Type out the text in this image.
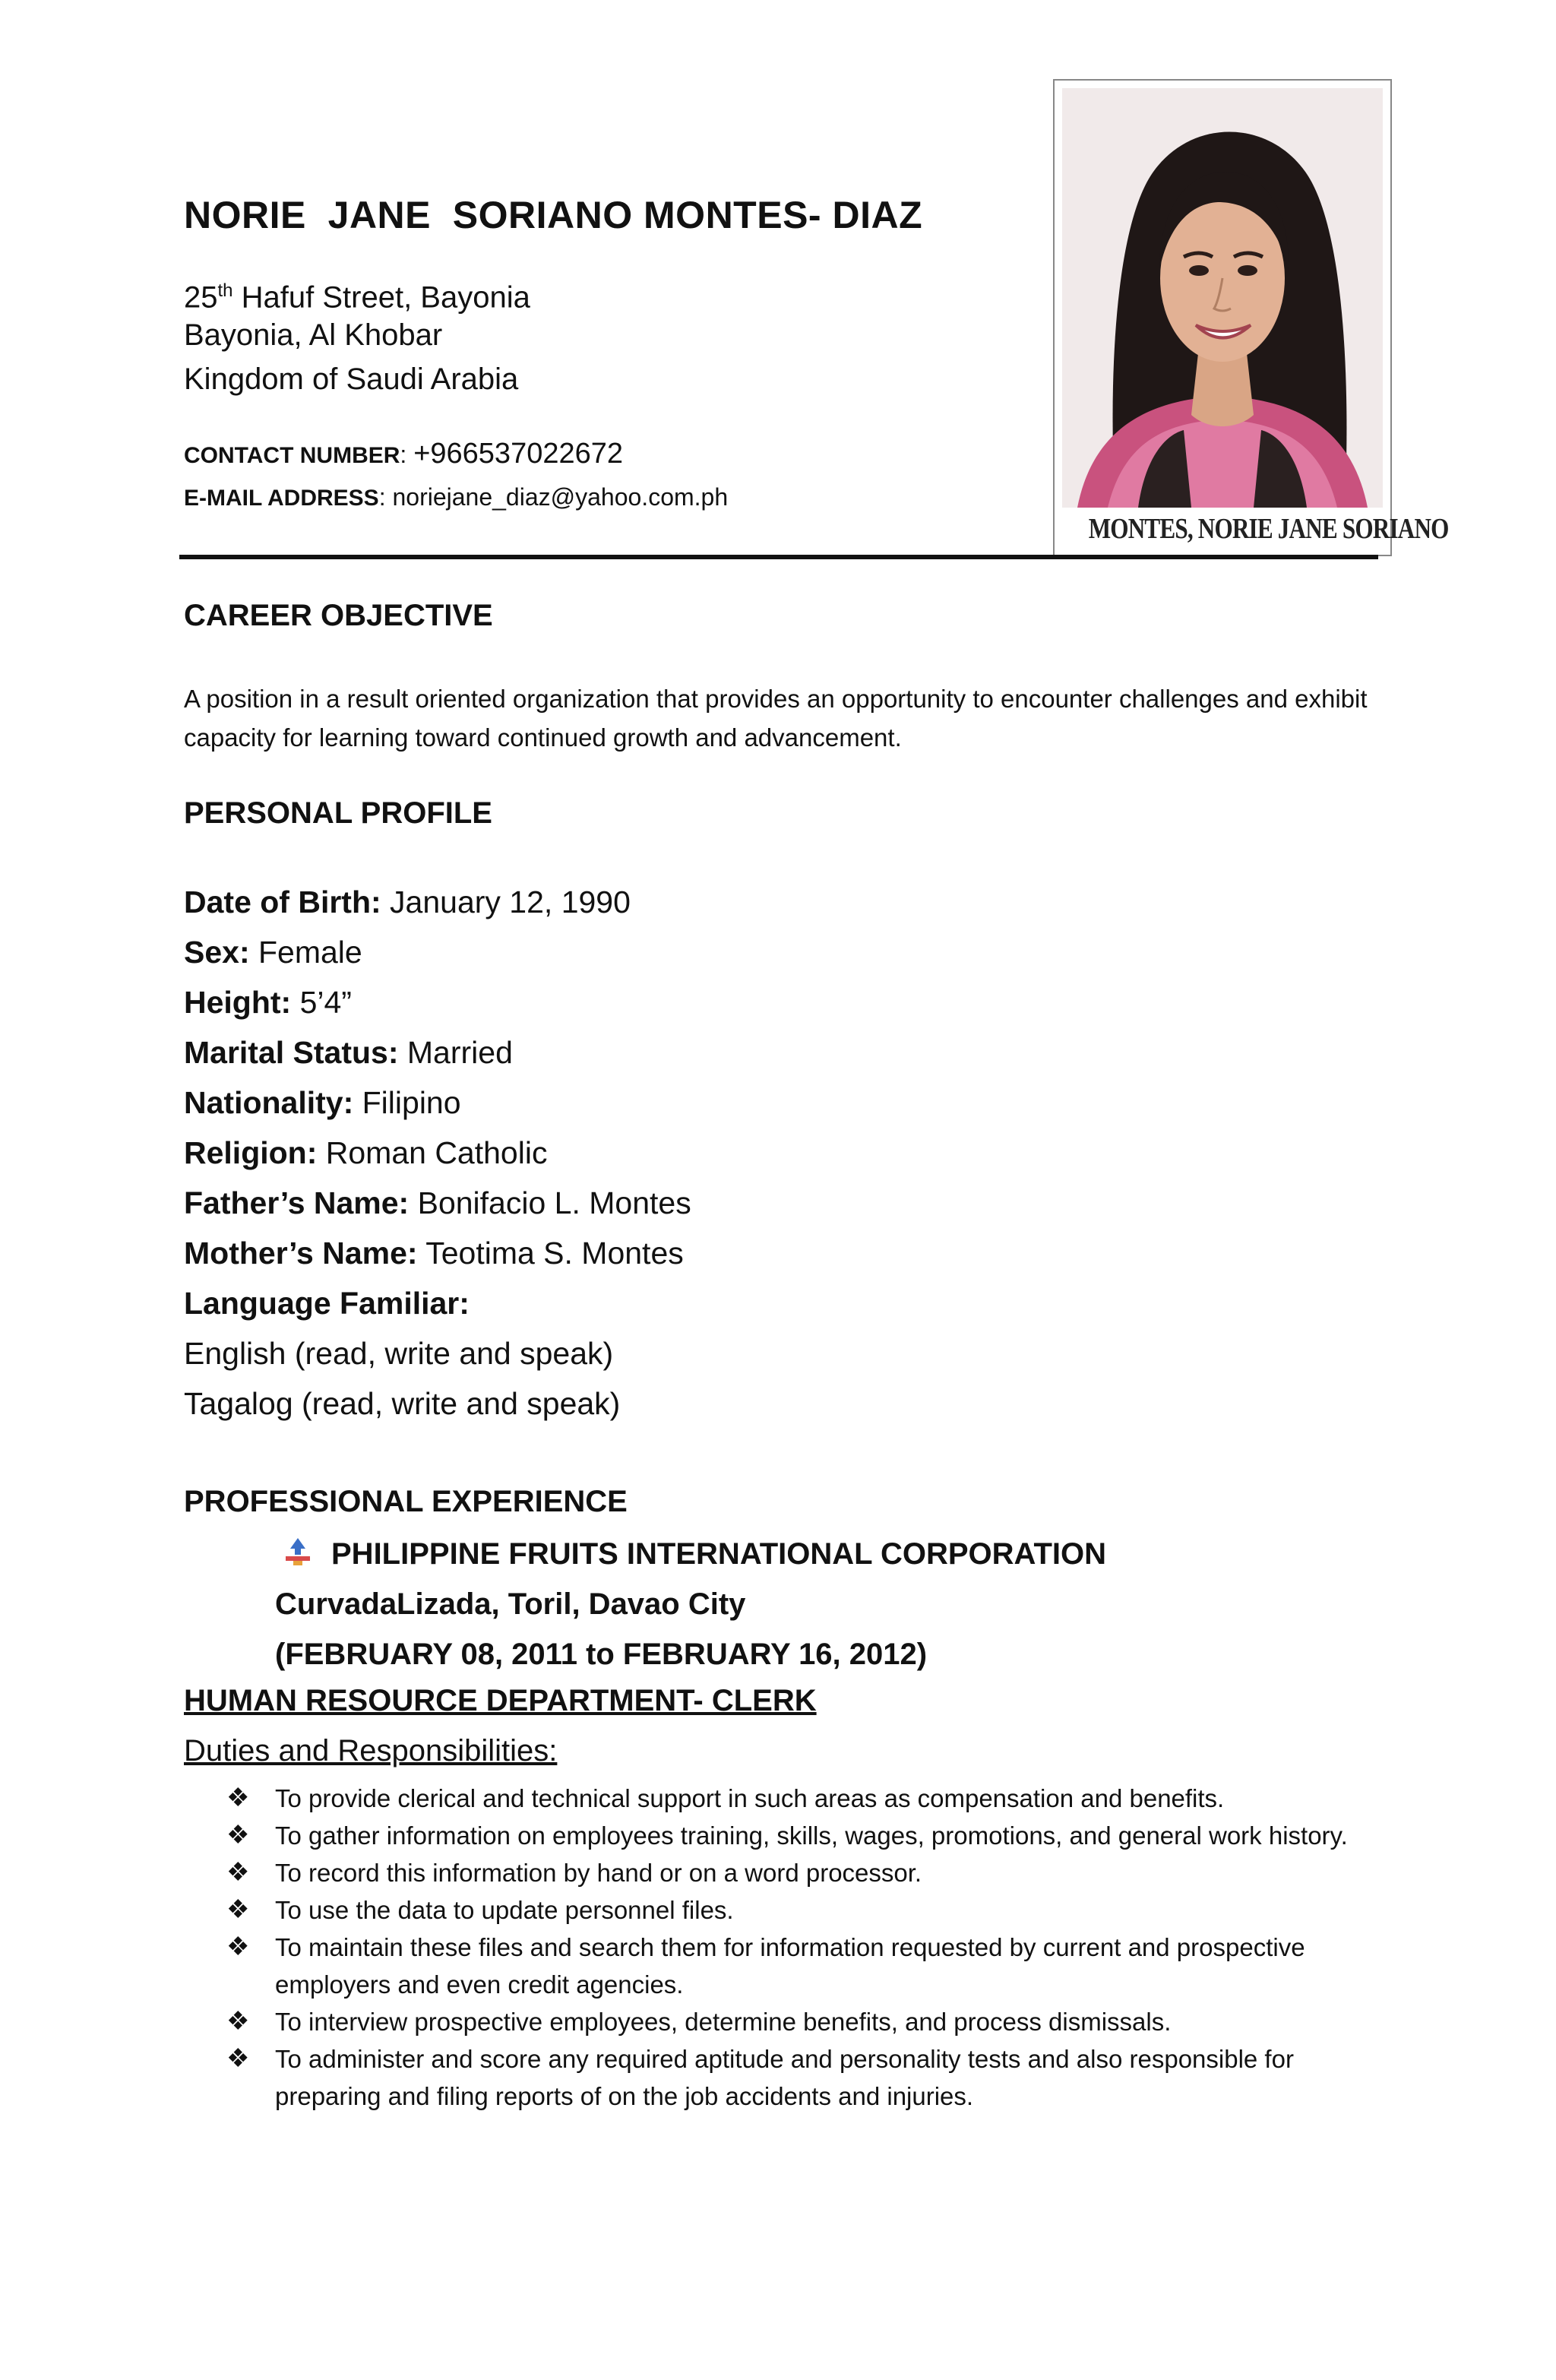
NORIE  JANE  SORIANO MONTES- DIAZ
25th Hafuf Street, Bayonia
Bayonia, Al Khobar
Kingdom of Saudi Arabia
CONTACT NUMBER: +966537022672
E-MAIL ADDRESS: noriejane_diaz@yahoo.com.ph
MONTES, NORIE JANE SORIANO
CAREER OBJECTIVE
A position in a result oriented organization that provides an opportunity to encounter challenges and exhibit capacity for learning toward continued growth and advancement.
PERSONAL PROFILE
Date of Birth: January 12, 1990
Sex: Female
Height: 5’4”
Marital Status: Married
Nationality: Filipino
Religion: Roman Catholic
Father’s Name: Bonifacio L. Montes
Mother’s Name: Teotima S. Montes
Language Familiar:
English (read, write and speak)
Tagalog (read, write and speak)
PROFESSIONAL EXPERIENCE
PHILIPPINE FRUITS INTERNATIONAL CORPORATION
CurvadaLizada, Toril, Davao City
(FEBRUARY 08, 2011 to FEBRUARY 16, 2012)
HUMAN RESOURCE DEPARTMENT- CLERK
Duties and Responsibilities:
❖ To provide clerical and technical support in such areas as compensation and benefits.
❖ To gather information on employees training, skills, wages, promotions, and general work history.
❖ To record this information by hand or on a word processor.
❖ To use the data to update personnel files.
❖ To maintain these files and search them for information requested by current and prospective employers and even credit agencies.
❖ To interview prospective employees, determine benefits, and process dismissals.
❖ To administer and score any required aptitude and personality tests and also responsible for preparing and filing reports of on the job accidents and injuries.
